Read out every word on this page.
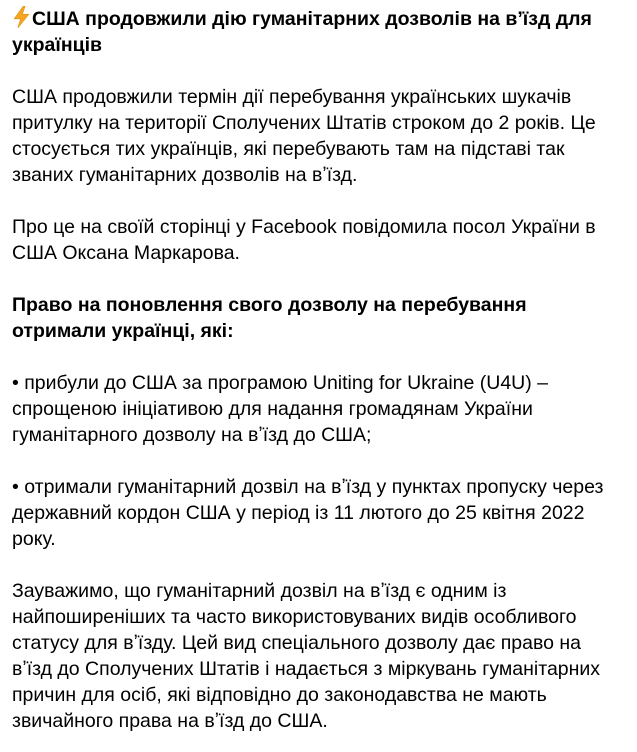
США продовжили дію гуманітарних дозволів на вʼїзд для українців

США продовжили термін дії перебування українських шукачів притулку на території Сполучених Штатів строком до 2 років. Це стосується тих українців, які перебувають там на підставі так званих гуманітарних дозволів на вʼїзд.

Про це на своїй сторінці у Facebook повідомила посол України в США Оксана Маркарова.

Право на поновлення свого дозволу на перебування отримали українці, які:

• прибули до США за програмою Uniting for Ukraine (U4U) – спрощеною ініціативою для надання громадянам України гуманітарного дозволу на вʼїзд до США;

• отримали гуманітарний дозвіл на вʼїзд у пунктах пропуску через державний кордон США у період із 11 лютого до 25 квітня 2022 року.

Зауважимо, що гуманітарний дозвіл на вʼїзд є одним із найпоширеніших та часто використовуваних видів особливого статусу для вʼїзду. Цей вид спеціального дозволу дає право на вʼїзд до Сполучених Штатів і надається з міркувань гуманітарних причин для осіб, які відповідно до законодавства не мають звичайного права на вʼїзд до США.
